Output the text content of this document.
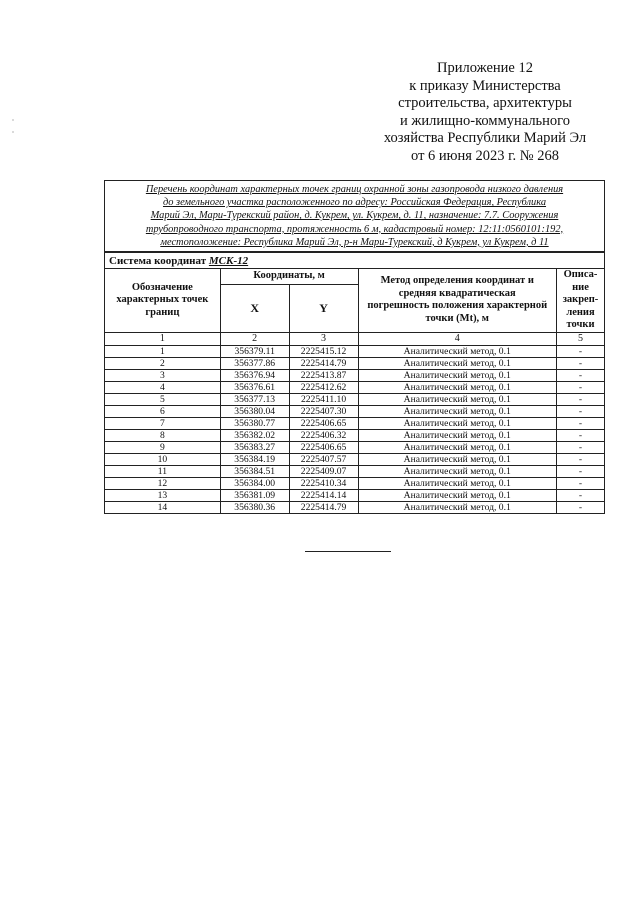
Приложение 12
к приказу Министерства
строительства, архитектуры
и жилищно-коммунального
хозяйства Республики Марий Эл
от 6 июня 2023 г. № 268
Перечень координат характерных точек границ охранной зоны газопровода низкого давления
до земельного участка расположенного по адресу: Российская Федерация, Республика
Марий Эл, Мари-Турекский район, д. Кукрем, ул. Кукрем, д. 11, назначение: 7.7. Сооружения
трубопроводного транспорта, протяженность 6 м, кадастровый номер: 12:11:0560101:192,
местоположение: Республика Марий Эл, р-н Мари-Турекский, д Кукрем, ул Кукрем, д 11				

Система координат МСК-12				
Обозначение характерных точек границ	Координаты, м		Метод определения координат и средняя квадратическая погрешность положения характерной точки (Mt), м	Описа-ние закреп-ления точки
	X	Y		
1	2	3	4	5
1	356379.11	2225415.12	Аналитический метод, 0.1	-
2	356377.86	2225414.79	Аналитический метод, 0.1	-
3	356376.94	2225413.87	Аналитический метод, 0.1	-
4	356376.61	2225412.62	Аналитический метод, 0.1	-
5	356377.13	2225411.10	Аналитический метод, 0.1	-
6	356380.04	2225407.30	Аналитический метод, 0.1	-
7	356380.77	2225406.65	Аналитический метод, 0.1	-
8	356382.02	2225406.32	Аналитический метод, 0.1	-
9	356383.27	2225406.65	Аналитический метод, 0.1	-
10	356384.19	2225407.57	Аналитический метод, 0.1	-
11	356384.51	2225409.07	Аналитический метод, 0.1	-
12	356384.00	2225410.34	Аналитический метод, 0.1	-
13	356381.09	2225414.14	Аналитический метод, 0.1	-
14	356380.36	2225414.79	Аналитический метод, 0.1	-
